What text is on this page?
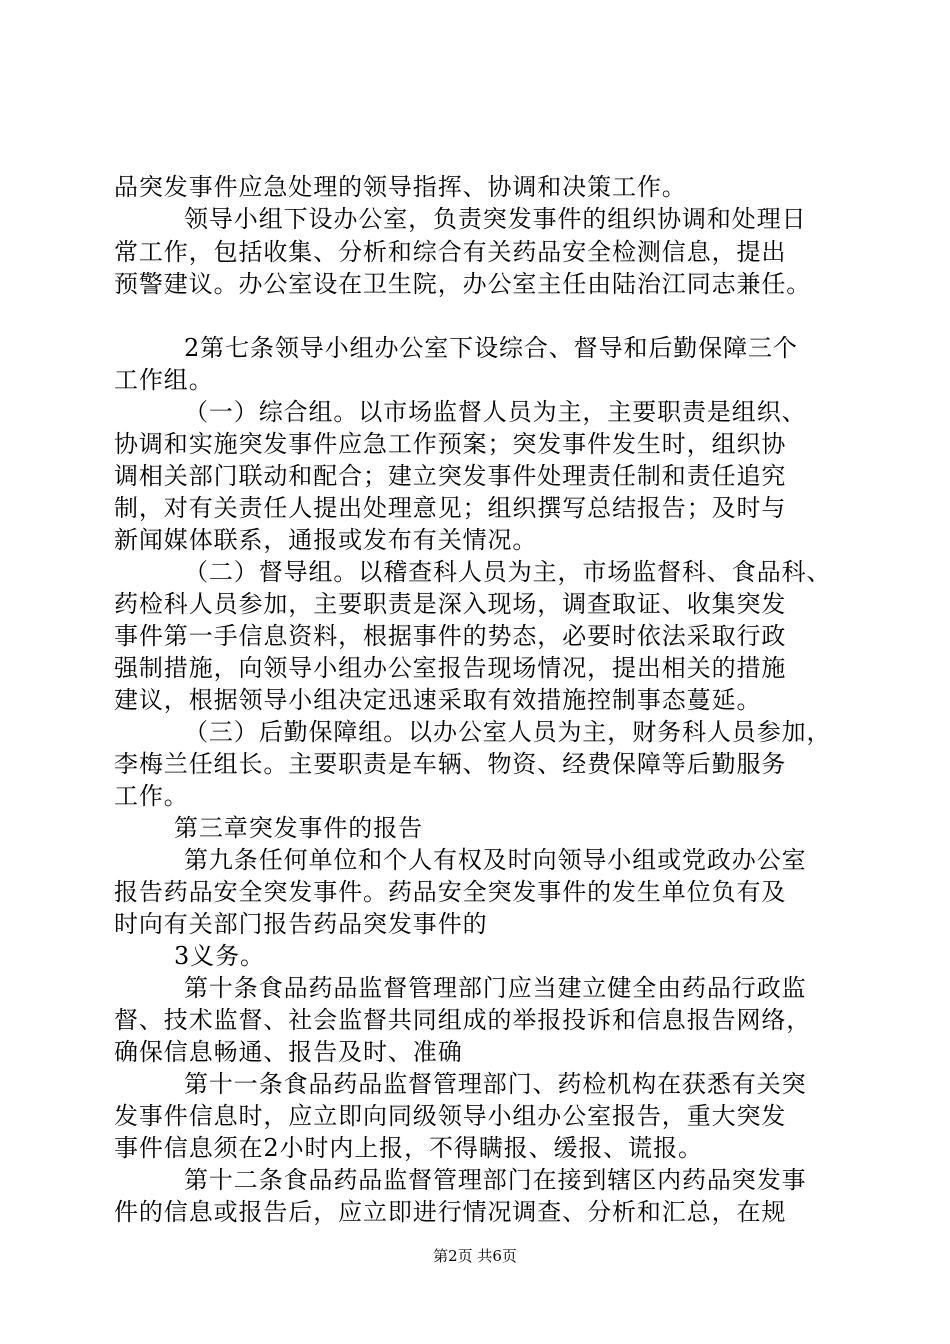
品突发事件应急处理的领导指挥、协调和决策工作。

领导小组下设办公室，负责突发事件的组织协调和处理日

常工作，包括收集、分析和综合有关药品安全检测信息，提出

预警建议。办公室设在卫生院，办公室主任由陆治江同志兼任。

2第七条领导小组办公室下设综合、督导和后勤保障三个

工作组。

（一）综合组。以市场监督人员为主，主要职责是组织、

协调和实施突发事件应急工作预案；突发事件发生时，组织协

调相关部门联动和配合；建立突发事件处理责任制和责任追究

制，对有关责任人提出处理意见；组织撰写总结报告；及时与

新闻媒体联系，通报或发布有关情况。

（二）督导组。以稽查科人员为主，市场监督科、食品科、

药检科人员参加，主要职责是深入现场，调查取证、收集突发

事件第一手信息资料，根据事件的势态，必要时依法采取行政

强制措施，向领导小组办公室报告现场情况，提出相关的措施

建议，根据领导小组决定迅速采取有效措施控制事态蔓延。

（三）后勤保障组。以办公室人员为主，财务科人员参加，

李梅兰任组长。主要职责是车辆、物资、经费保障等后勤服务

工作。

第三章突发事件的报告

第九条任何单位和个人有权及时向领导小组或党政办公室

报告药品安全突发事件。药品安全突发事件的发生单位负有及

时向有关部门报告药品突发事件的

3义务。

第十条食品药品监督管理部门应当建立健全由药品行政监

督、技术监督、社会监督共同组成的举报投诉和信息报告网络，

确保信息畅通、报告及时、准确

第十一条食品药品监督管理部门、药检机构在获悉有关突

发事件信息时，应立即向同级领导小组办公室报告，重大突发

事件信息须在2小时内上报，不得瞒报、缓报、谎报。

第十二条食品药品监督管理部门在接到辖区内药品突发事

件的信息或报告后，应立即进行情况调查、分析和汇总，在规

第2页 共6页
